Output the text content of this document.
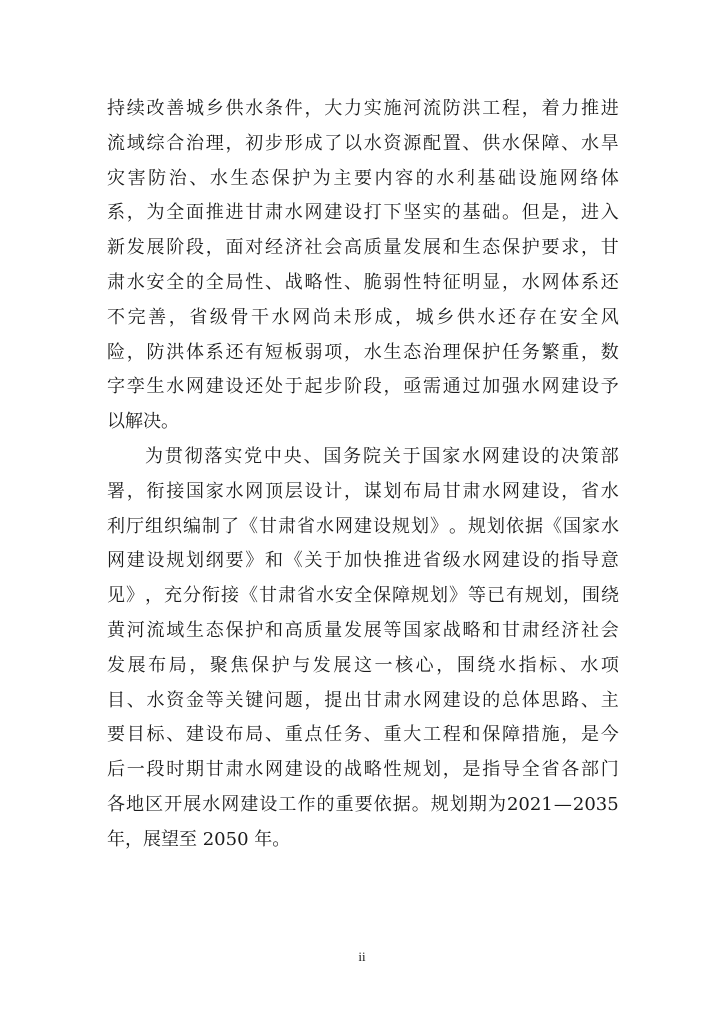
持 续 改 善 城 乡 供 水 条 件 ， 大 力 实 施 河 流 防 洪 工 程 ， 着 力 推 进
流 域 综 合 治 理 ， 初 步 形 成 了 以 水 资 源 配 置 、 供 水 保 障 、 水 旱
灾 害 防 治 、 水 生 态 保 护 为 主 要 内 容 的 水 利 基 础 设 施 网 络 体
系 ， 为 全 面 推 进 甘 肃 水 网 建 设 打 下 坚 实 的 基 础 。 但 是 ， 进 入
新 发 展 阶 段 ， 面 对 经 济 社 会 高 质 量 发 展 和 生 态 保 护 要 求 ， 甘
肃 水 安 全 的 全 局 性 、 战 略 性 、 脆 弱 性 特 征 明 显 ， 水 网 体 系 还
不 完 善 ， 省 级 骨 干 水 网 尚 未 形 成 ， 城 乡 供 水 还 存 在 安 全 风
险 ， 防 洪 体 系 还 有 短 板 弱 项 ， 水 生 态 治 理 保 护 任 务 繁 重 ， 数
字 孪 生 水 网 建 设 还 处 于 起 步 阶 段 ， 亟 需 通 过 加 强 水 网 建 设 予
以解决。
为 贯 彻 落 实 党 中 央 、 国 务 院 关 于 国 家 水 网 建 设 的 决 策 部
署 ， 衔 接 国 家 水 网 顶 层 设 计 ， 谋 划 布 局 甘 肃 水 网 建 设 ， 省 水
利 厅 组 织 编 制 了 《 甘 肃 省 水 网 建 设 规 划 》 。 规 划 依 据 《 国 家 水
网 建 设 规 划 纲 要 》 和 《 关 于 加 快 推 进 省 级 水 网 建 设 的 指 导 意
见 》 ， 充 分 衔 接 《 甘 肃 省 水 安 全 保 障 规 划 》 等 已 有 规 划 ， 围 绕
黄 河 流 域 生 态 保 护 和 高 质 量 发 展 等 国 家 战 略 和 甘 肃 经 济 社 会
发 展 布 局 ， 聚 焦 保 护 与 发 展 这 一 核 心 ， 围 绕 水 指 标 、 水 项
目 、 水 资 金 等 关 键 问 题 ， 提 出 甘 肃 水 网 建 设 的 总 体 思 路 、 主
要 目 标 、 建 设 布 局 、 重 点 任 务 、 重 大 工 程 和 保 障 措 施 ， 是 今
后 一 段 时 期 甘 肃 水 网 建 设 的 战 略 性 规 划 ， 是 指 导 全 省 各 部 门
各 地 区 开 展 水 网 建 设 工 作 的 重 要 依 据 。 规 划 期 为 2021 — 2035
年，展望至 2050 年。
ii
